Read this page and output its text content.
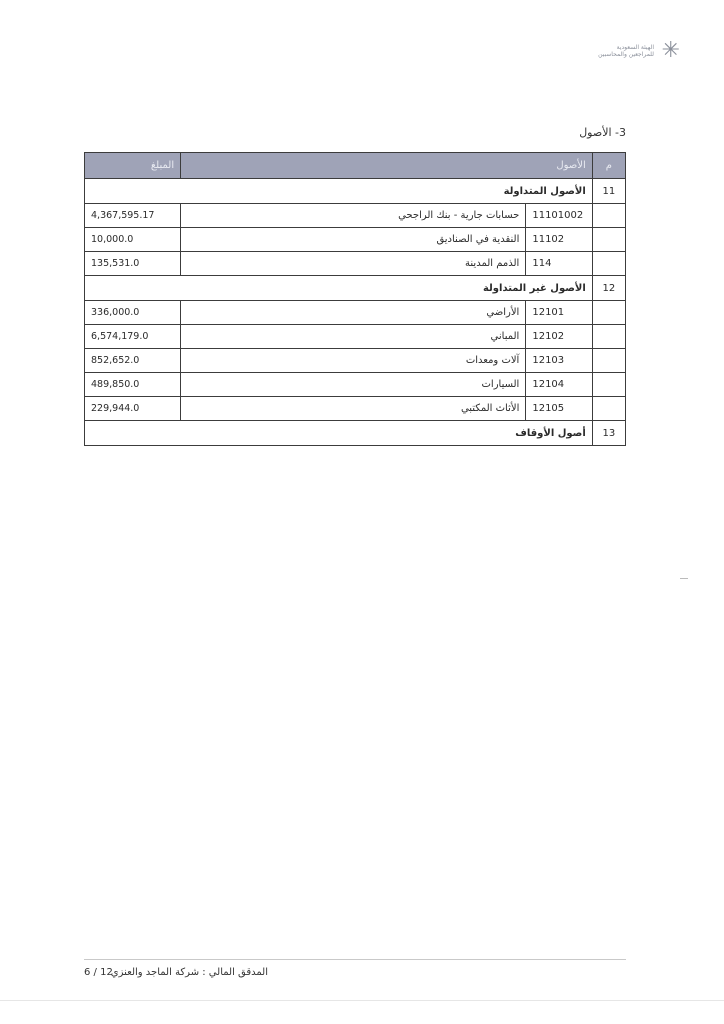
الهيئة السعودية
للمراجعين والمحاسبين ✳
3- الأصول
م	الأصول		المبلغ
11	الأصول المتداولة		
	11101002	حسابات جارية - بنك الراجحي	4,367,595.17
	11102	النقدية في الصناديق	10,000.0
	114	الذمم المدينة	135,531.0
12	الأصول غير المتداولة		
	12101	الأراضي	336,000.0
	12102	المباني	6,574,179.0
	12103	آلات ومعدات	852,652.0
	12104	السيارات	489,850.0
	12105	الأثاث المكتبي	229,944.0
13	أصول الأوقاف		
المدقق المالي : شركة الماجد والعنزي
12 / 6
